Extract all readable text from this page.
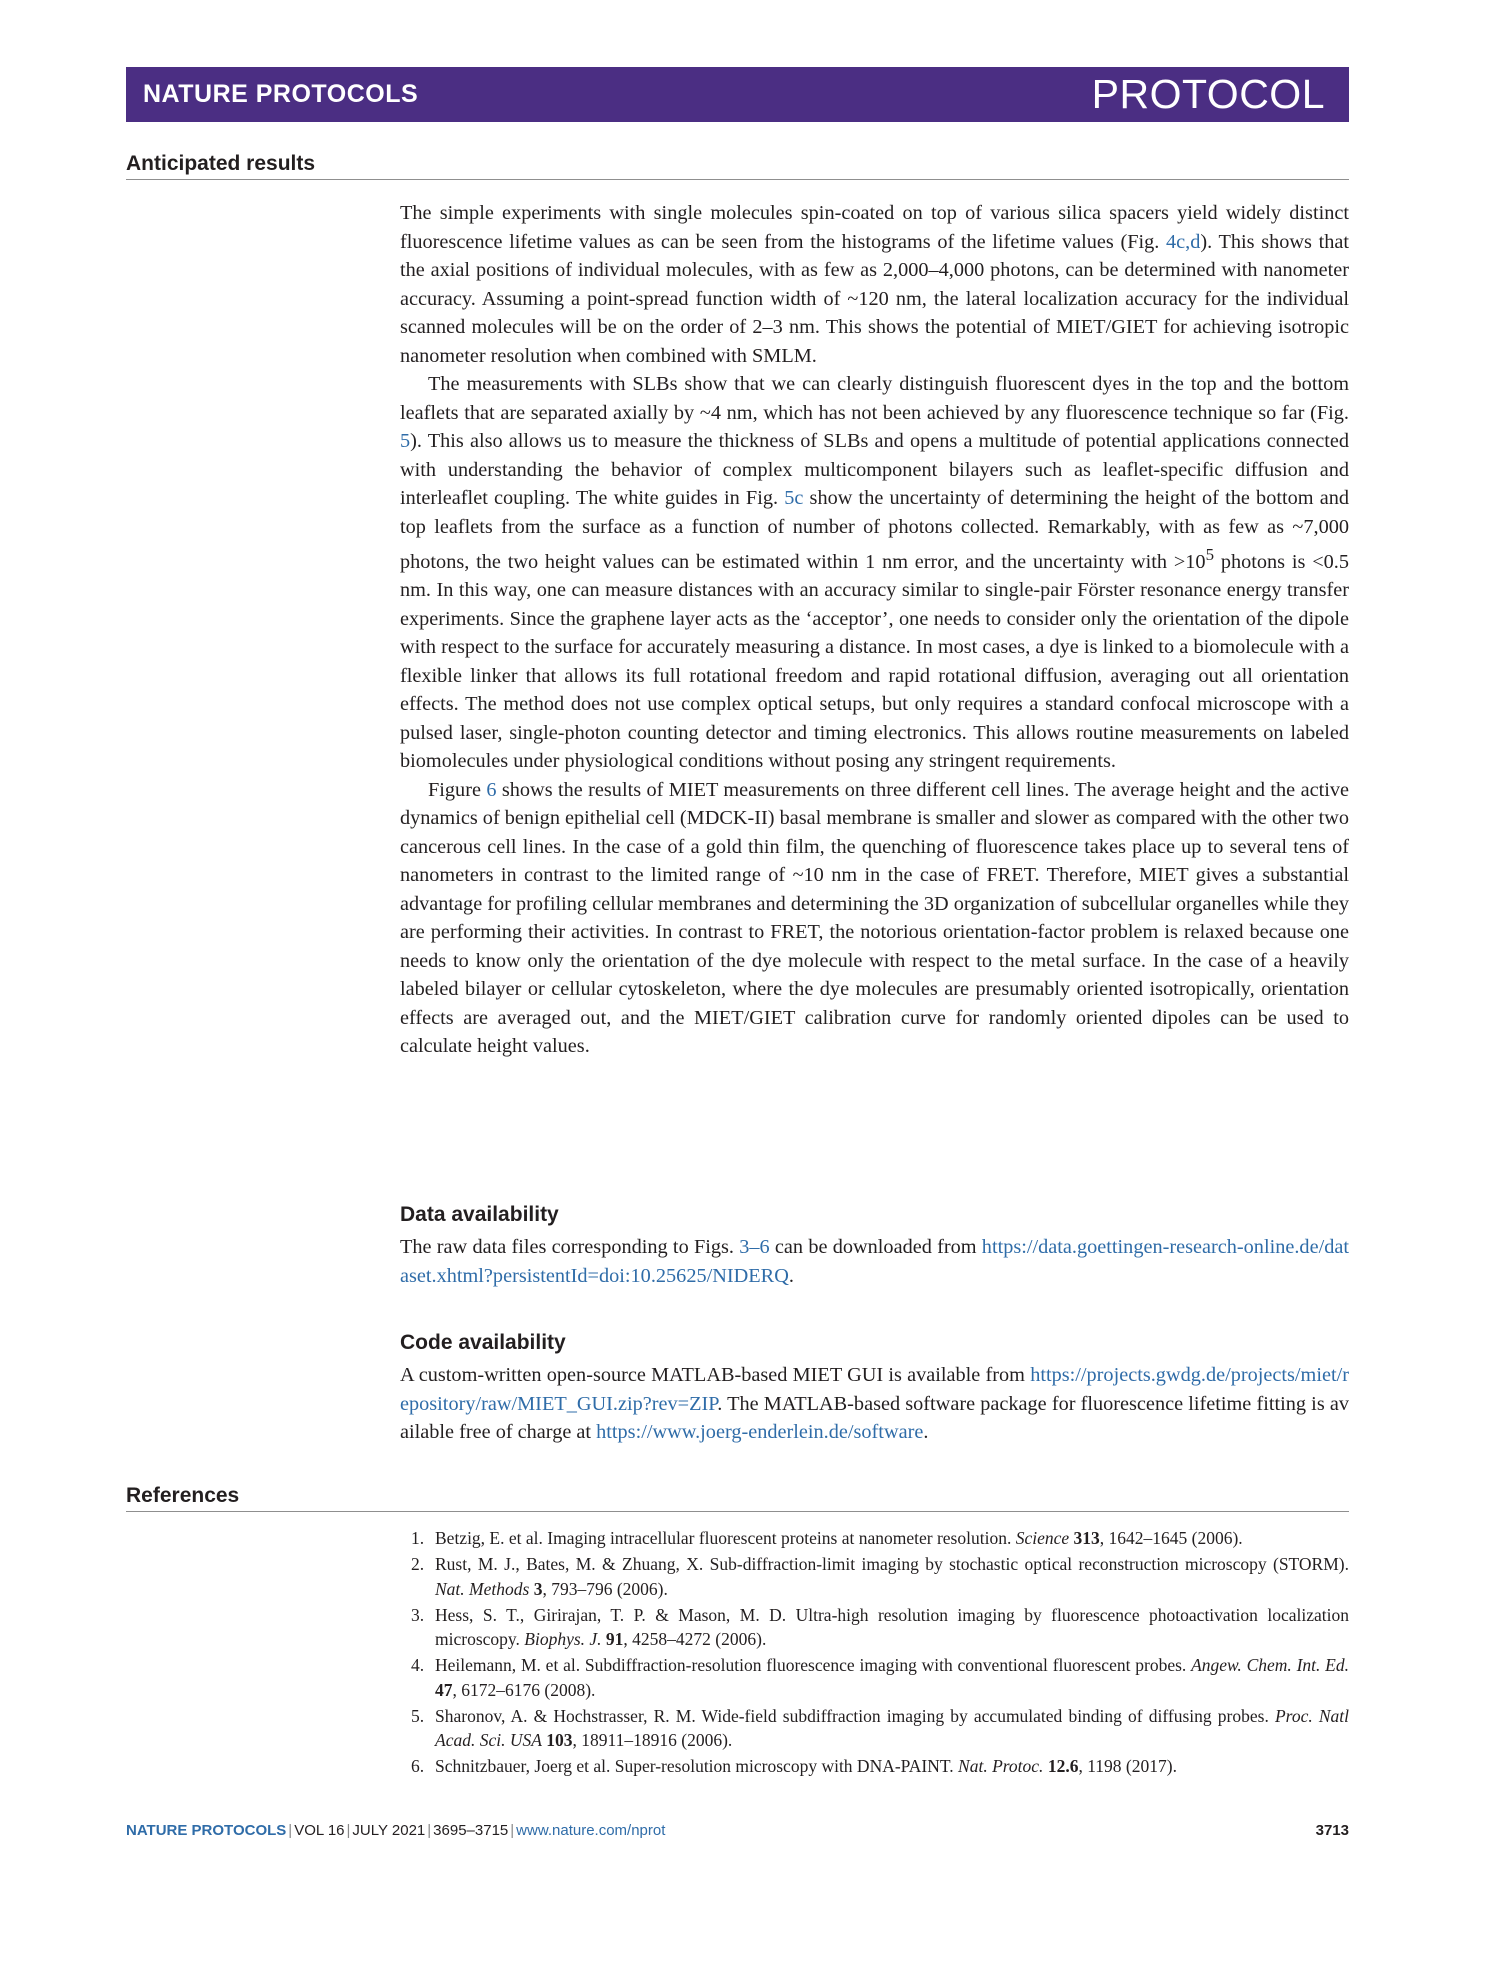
NATURE PROTOCOLS	PROTOCOL
Anticipated results

The simple experiments with single molecules spin-coated on top of various silica spacers yield widely distinct fluorescence lifetime values as can be seen from the histograms of the lifetime values (Fig. 4c,d). This shows that the axial positions of individual molecules, with as few as 2,000–4,000 photons, can be determined with nanometer accuracy. Assuming a point-spread function width of ~120 nm, the lateral localization accuracy for the individual scanned molecules will be on the order of 2–3 nm. This shows the potential of MIET/GIET for achieving isotropic nanometer resolution when combined with SMLM.

The measurements with SLBs show that we can clearly distinguish fluorescent dyes in the top and the bottom leaflets that are separated axially by ~4 nm, which has not been achieved by any fluorescence technique so far (Fig. 5). This also allows us to measure the thickness of SLBs and opens a multitude of potential applications connected with understanding the behavior of complex multicomponent bilayers such as leaflet-specific diffusion and interleaflet coupling. The white guides in Fig. 5c show the uncertainty of determining the height of the bottom and top leaflets from the surface as a function of number of photons collected. Remarkably, with as few as ~7,000 photons, the two height values can be estimated within 1 nm error, and the uncertainty with $>10^5$ photons is <0.5 nm. In this way, one can measure distances with an accuracy similar to single-pair Förster resonance energy transfer experiments. Since the graphene layer acts as the ‘acceptor’, one needs to consider only the orientation of the dipole with respect to the surface for accurately measuring a distance. In most cases, a dye is linked to a biomolecule with a flexible linker that allows its full rotational freedom and rapid rotational diffusion, averaging out all orientation effects. The method does not use complex optical setups, but only requires a standard confocal microscope with a pulsed laser, single-photon counting detector and timing electronics. This allows routine measurements on labeled biomolecules under physiological conditions without posing any stringent requirements.

Figure 6 shows the results of MIET measurements on three different cell lines. The average height and the active dynamics of benign epithelial cell (MDCK-II) basal membrane is smaller and slower as compared with the other two cancerous cell lines. In the case of a gold thin film, the quenching of fluorescence takes place up to several tens of nanometers in contrast to the limited range of ~10 nm in the case of FRET. Therefore, MIET gives a substantial advantage for profiling cellular membranes and determining the 3D organization of subcellular organelles while they are performing their activities. In contrast to FRET, the notorious orientation-factor problem is relaxed because one needs to know only the orientation of the dye molecule with respect to the metal surface. In the case of a heavily labeled bilayer or cellular cytoskeleton, where the dye molecules are presumably oriented isotropically, orientation effects are averaged out, and the MIET/GIET calibration curve for randomly oriented dipoles can be used to calculate height values.

Data availability
The raw data files corresponding to Figs. 3–6 can be downloaded from https://data.goettingen-research-online.de/dataset.xhtml?persistentId=doi:10.25625/NIDERQ.
Code availability
A custom-written open-source MATLAB-based MIET GUI is available from https://projects.gwdg.de/projects/miet/repository/raw/MIET_GUI.zip?rev=ZIP. The MATLAB-based software package for fluorescence lifetime fitting is available free of charge at https://www.joerg-enderlein.de/software.
References
1. Betzig, E. et al. Imaging intracellular fluorescent proteins at nanometer resolution. Science 313, 1642–1645 (2006).
2. Rust, M. J., Bates, M. & Zhuang, X. Sub-diffraction-limit imaging by stochastic optical reconstruction microscopy (STORM). Nat. Methods 3, 793–796 (2006).
3. Hess, S. T., Girirajan, T. P. & Mason, M. D. Ultra-high resolution imaging by fluorescence photoactivation localization microscopy. Biophys. J. 91, 4258–4272 (2006).
4. Heilemann, M. et al. Subdiffraction-resolution fluorescence imaging with conventional fluorescent probes. Angew. Chem. Int. Ed. 47, 6172–6176 (2008).
5. Sharonov, A. & Hochstrasser, R. M. Wide-field subdiffraction imaging by accumulated binding of diffusing probes. Proc. Natl Acad. Sci. USA 103, 18911–18916 (2006).
6. Schnitzbauer, Joerg et al. Super-resolution microscopy with DNA-PAINT. Nat. Protoc. 12.6, 1198 (2017).
NATURE PROTOCOLS | VOL 16 | JULY 2021 | 3695–3715 | www.nature.com/nprot	3713
